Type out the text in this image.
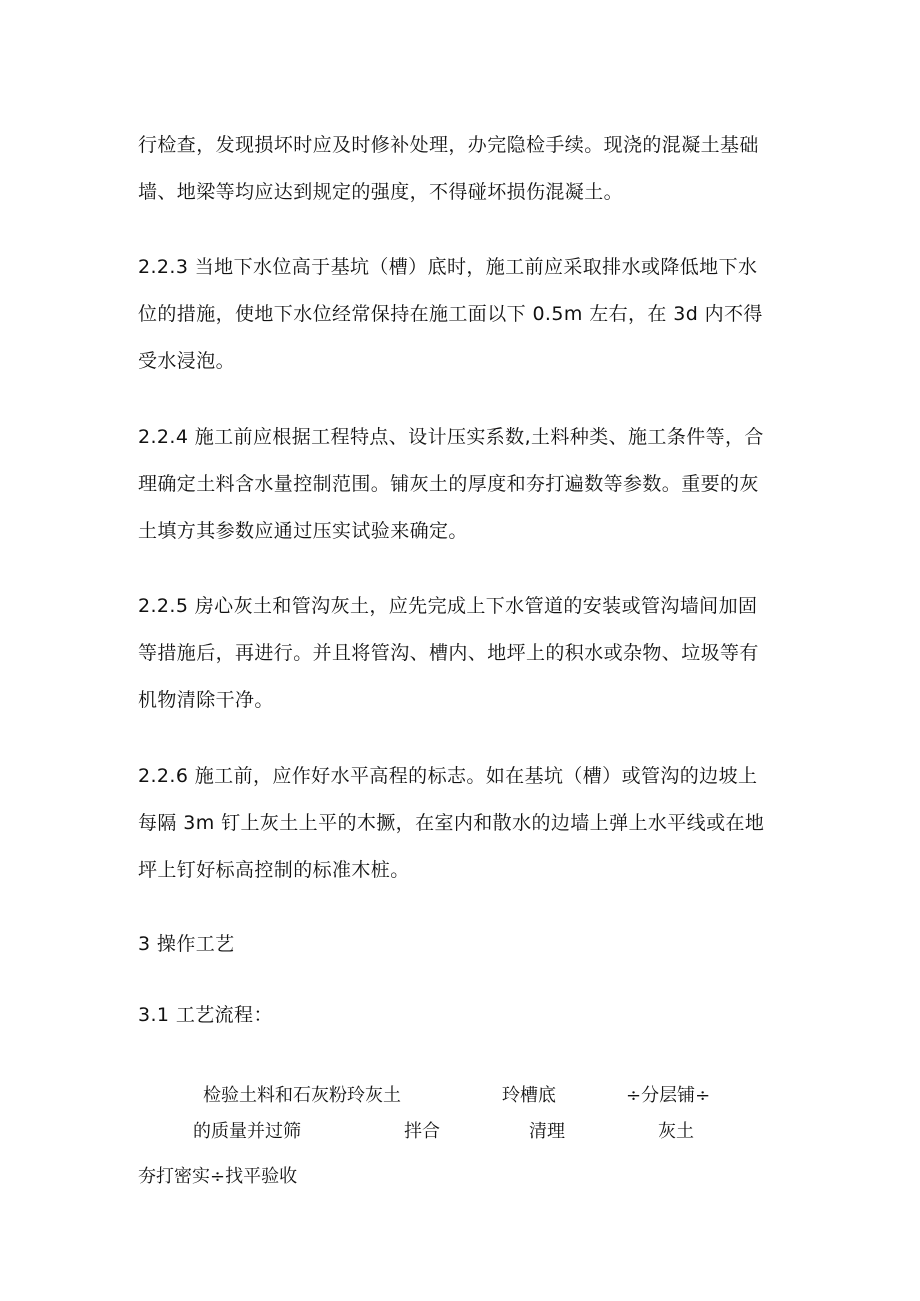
行检查，发现损坏时应及时修补处理，办完隐检手续。现浇的混凝土基础
墙、地梁等均应达到规定的强度，不得碰坏损伤混凝土。
2.2.3 当地下水位高于基坑（槽）底时，施工前应采取排水或降低地下水
位的措施，使地下水位经常保持在施工面以下 0.5m 左右，在 3d 内不得
受水浸泡。
2.2.4 施工前应根据工程特点、设计压实系数,土料种类、施工条件等，合
理确定土料含水量控制范围。铺灰土的厚度和夯打遍数等参数。重要的灰
土填方其参数应通过压实试验来确定。
2.2.5 房心灰土和管沟灰土，应先完成上下水管道的安装或管沟墙间加固
等措施后，再进行。并且将管沟、槽内、地坪上的积水或杂物、垃圾等有
机物清除干净。
2.2.6 施工前，应作好水平高程的标志。如在基坑（槽）或管沟的边坡上
每隔 3m 钉上灰土上平的木撅，在室内和散水的边墙上弹上水平线或在地
坪上钉好标高控制的标准木桩。
3 操作工艺
3.1 工艺流程：
检验土料和石灰粉玲灰土	玲槽底	÷分层铺÷
的质量并过筛	拌合	清理	灰土
夯打密实÷找平验收
